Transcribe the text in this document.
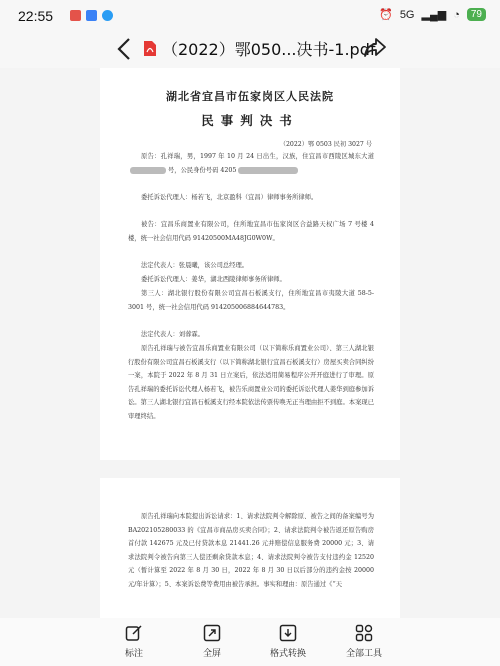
22:55	⏰ 5G ▂▄▆ ◔	79
（2022）鄂050...决书-1.pdf
湖北省宜昌市伍家岗区人民法院
民事判决书
（2022）鄂 0503 民初 3027 号
原告：孔祥瑞，男，1997 年 10 月 24 日出生，汉族，住宜昌市西陵区城东大道号，公民身份号码 4205
委托诉讼代理人：杨若飞，北京盈科（宜昌）律师事务所律师。
被告：宜昌乐商置业有限公司，住所地宜昌市伍家岗区合益路天权广场 7 号楼 4 楼，统一社会信用代码 91420500MA48JG0W0W。
法定代表人：张晨曦，该公司总经理。
委托诉讼代理人：姜华，湖北西陵律师事务所律师。
第三人：湖北银行股份有限公司宜昌石板溪支行，住所地宜昌市夷陵大道 58-5-3001 号，统一社会信用代码 91420500688464478​3。
法定代表人：刘蓉霖。
原告孔祥瑞与被告宜昌乐商置业有限公司（以下简称乐商置业公司）、第三人湖北银行股份有限公司宜昌石板溪支行（以下简称湖北银行宜昌石板溪支行）房屋买卖合同纠纷一案，本院于 2022 年 8 月 31 日立案后，依法适用简易程序公开开庭进行了审理。原告孔祥瑞的委托诉讼代理人杨若飞，被告乐商置业公司的委托诉讼代理人姜华到庭参加诉讼。第三人湖北银行宜昌石板溪支行经本院依法传票传唤无正当理由拒不到庭。本案现已审理终结。
原告孔祥瑞向本院提出诉讼请求：1、请求法院判令解除原、被告之间的备案编号为 BA202105280033 的《宜昌市商品房买卖合同》；2、请求法院判令被告返还原告购房首付款 142675 元及已付贷款本息 21441.26 元并赔偿信息服务费 20000 元；3、请求法院判令被告向第三人偿还剩余贷款本息；4、请求法院判令被告支付违约金 12520 元（暂计算至 2022 年 8 月 30 日，2022 年 8 月 30 日以后部分的违约金按 20000 元/年计算）；5、本案诉讼费等费用由被告承担。事实和理由：原告通过《“天
标注	全屏	格式转换	全部工具
